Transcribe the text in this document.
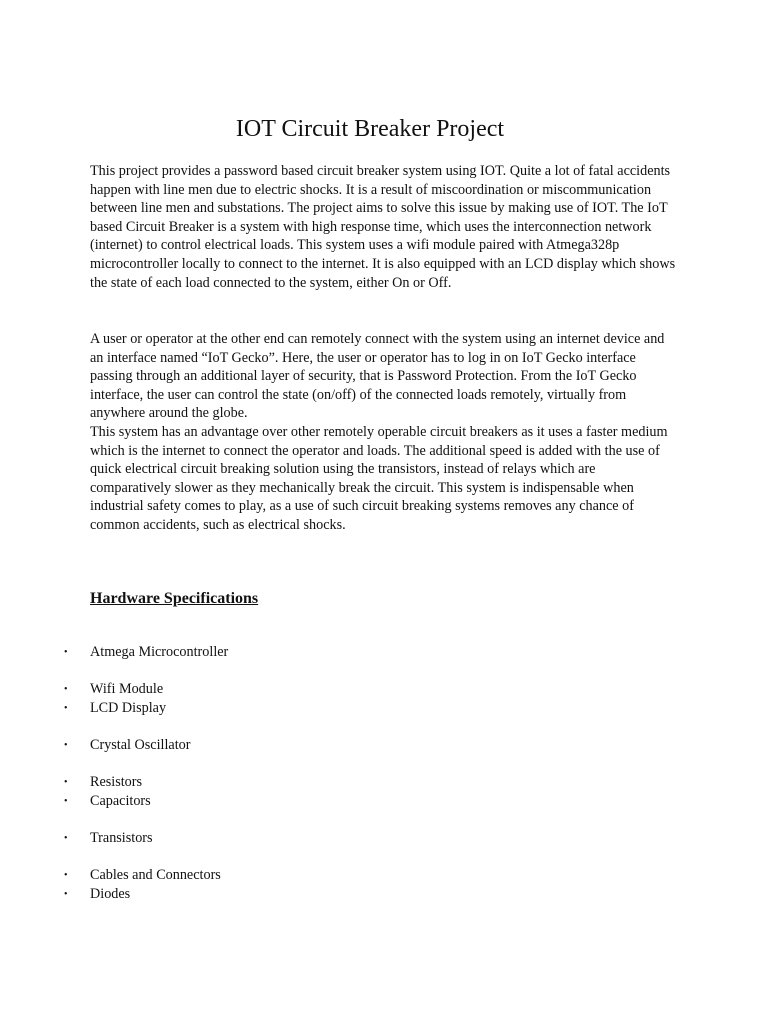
IOT Circuit Breaker Project

This project provides a password based circuit breaker system using IOT. Quite a lot of fatal accidents happen with line men due to electric shocks. It is a result of miscoordination or miscommunication between line men and substations. The project aims to solve this issue by making use of IOT. The IoT based Circuit Breaker is a system with high response time, which uses the interconnection network (internet) to control electrical loads. This system uses a wifi module paired with Atmega328p microcontroller locally to connect to the internet. It is also equipped with an LCD display which shows the state of each load connected to the system, either On or Off.

A user or operator at the other end can remotely connect with the system using an internet device and an interface named “IoT Gecko”. Here, the user or operator has to log in on IoT Gecko interface passing through an additional layer of security, that is Password Protection. From the IoT Gecko interface, the user can control the state (on/off) of the connected loads remotely, virtually from anywhere around the globe.

This system has an advantage over other remotely operable circuit breakers as it uses a faster medium which is the internet to connect the operator and loads. The additional speed is added with the use of quick electrical circuit breaking solution using the transistors, instead of relays which are comparatively slower as they mechanically break the circuit. This system is indispensable when industrial safety comes to play, as a use of such circuit breaking systems removes any chance of common accidents, such as electrical shocks.

Hardware Specifications
• Atmega Microcontroller
• Wifi Module
• LCD Display
• Crystal Oscillator
• Resistors
• Capacitors
• Transistors
• Cables and Connectors
• Diodes
